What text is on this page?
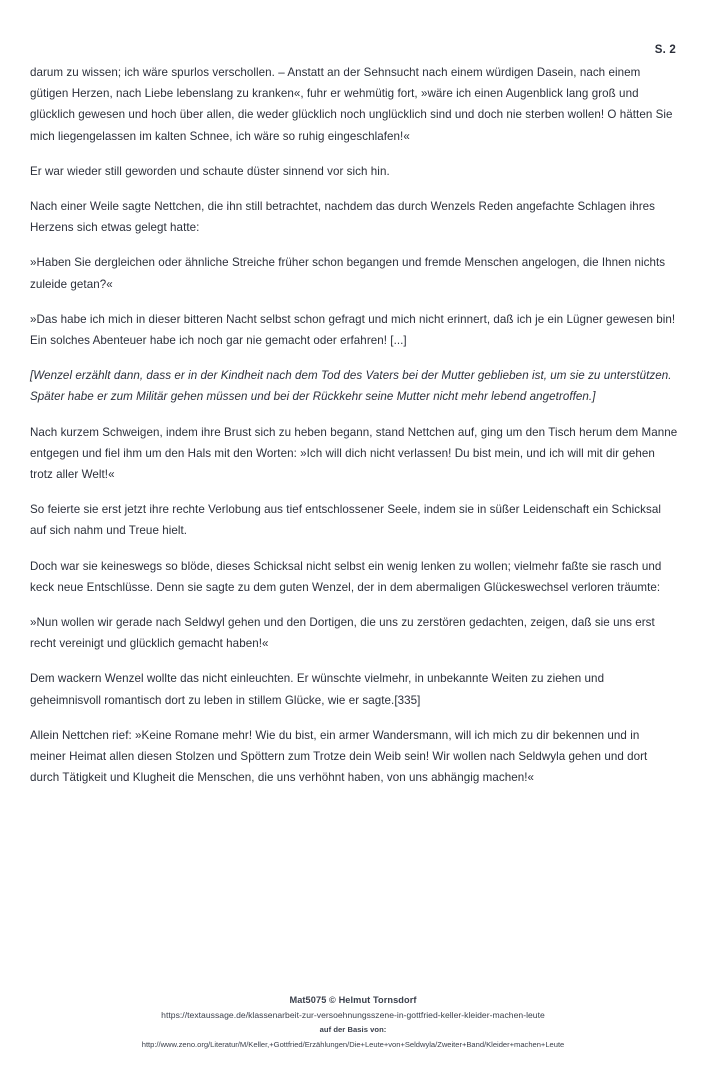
S. 2

darum zu wissen; ich wäre spurlos verschollen. – Anstatt an der Sehnsucht nach einem würdigen Dasein, nach einem gütigen Herzen, nach Liebe lebenslang zu kranken«, fuhr er wehmütig fort, »wäre ich einen Augenblick lang groß und glücklich gewesen und hoch über allen, die weder glücklich noch unglücklich sind und doch nie sterben wollen! O hätten Sie mich liegengelassen im kalten Schnee, ich wäre so ruhig eingeschlafen!«

Er war wieder still geworden und schaute düster sinnend vor sich hin.

Nach einer Weile sagte Nettchen, die ihn still betrachtet, nachdem das durch Wenzels Reden angefachte Schlagen ihres Herzens sich etwas gelegt hatte:

»Haben Sie dergleichen oder ähnliche Streiche früher schon begangen und fremde Menschen angelogen, die Ihnen nichts zuleide getan?«

»Das habe ich mich in dieser bitteren Nacht selbst schon gefragt und mich nicht erinnert, daß ich je ein Lügner gewesen bin! Ein solches Abenteuer habe ich noch gar nie gemacht oder erfahren! [...]

[Wenzel erzählt dann, dass er in der Kindheit nach dem Tod des Vaters bei der Mutter geblieben ist, um sie zu unterstützen. Später habe er zum Militär gehen müssen und bei der Rückkehr seine Mutter nicht mehr lebend angetroffen.]

Nach kurzem Schweigen, indem ihre Brust sich zu heben begann, stand Nettchen auf, ging um den Tisch herum dem Manne entgegen und fiel ihm um den Hals mit den Worten: »Ich will dich nicht verlassen! Du bist mein, und ich will mit dir gehen trotz aller Welt!«

So feierte sie erst jetzt ihre rechte Verlobung aus tief entschlossener Seele, indem sie in süßer Leidenschaft ein Schicksal auf sich nahm und Treue hielt.

Doch war sie keineswegs so blöde, dieses Schicksal nicht selbst ein wenig lenken zu wollen; vielmehr faßte sie rasch und keck neue Entschlüsse. Denn sie sagte zu dem guten Wenzel, der in dem abermaligen Glückeswechsel verloren träumte:

»Nun wollen wir gerade nach Seldwyl gehen und den Dortigen, die uns zu zerstören gedachten, zeigen, daß sie uns erst recht vereinigt und glücklich gemacht haben!«

Dem wackern Wenzel wollte das nicht einleuchten. Er wünschte vielmehr, in unbekannte Weiten zu ziehen und geheimnisvoll romantisch dort zu leben in stillem Glücke, wie er sagte.[335]

Allein Nettchen rief: »Keine Romane mehr! Wie du bist, ein armer Wandersmann, will ich mich zu dir bekennen und in meiner Heimat allen diesen Stolzen und Spöttern zum Trotze dein Weib sein! Wir wollen nach Seldwyla gehen und dort durch Tätigkeit und Klugheit die Menschen, die uns verhöhnt haben, von uns abhängig machen!«

Mat5075 © Helmut Tornsdorf
https://textaussage.de/klassenarbeit-zur-versoehnungsszene-in-gottfried-keller-kleider-machen-leute
auf der Basis von:
http://www.zeno.org/Literatur/M/Keller,+Gottfried/Erzählungen/Die+Leute+von+Seldwyla/Zweiter+Band/Kleider+machen+Leute
